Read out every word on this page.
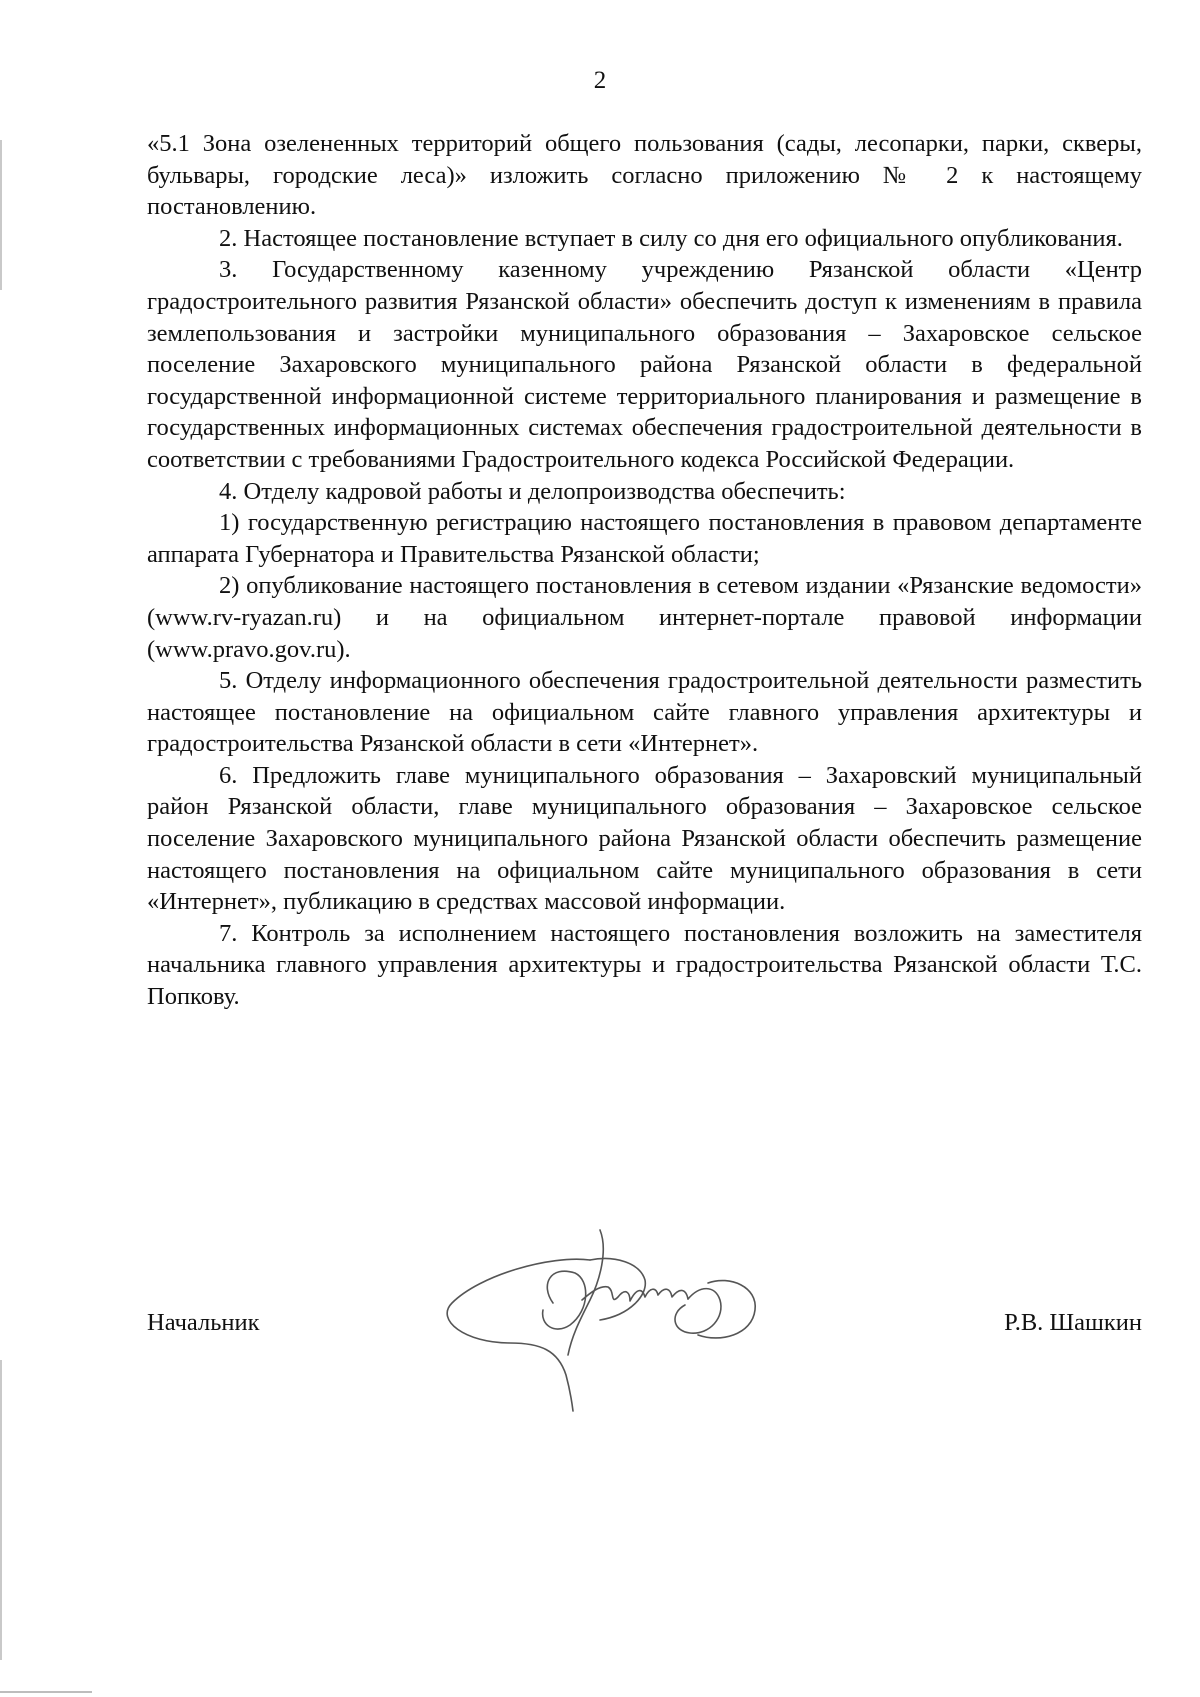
2

«5.1 Зона озелененных территорий общего пользования (сады, лесопарки, парки, скверы, бульвары, городские леса)» изложить согласно приложению № 2 к настоящему постановлению.

2. Настоящее постановление вступает в силу со дня его официального опубликования.

3. Государственному казенному учреждению Рязанской области «Центр градостроительного развития Рязанской области» обеспечить доступ к изменениям в правила землепользования и застройки муниципального образования – Захаровское сельское поселение Захаровского муниципального района Рязанской области в федеральной государственной информационной системе территориального планирования и размещение в государственных информационных системах обеспечения градостроительной деятельности в соответствии с требованиями Градостроительного кодекса Российской Федерации.

4. Отделу кадровой работы и делопроизводства обеспечить:

1) государственную регистрацию настоящего постановления в правовом департаменте аппарата Губернатора и Правительства Рязанской области;

2) опубликование настоящего постановления в сетевом издании «Рязанские ведомости» (www.rv-ryazan.ru) и на официальном интернет-портале правовой информации (www.pravo.gov.ru).

5. Отделу информационного обеспечения градостроительной деятельности разместить настоящее постановление на официальном сайте главного управления архитектуры и градостроительства Рязанской области в сети «Интернет».

6. Предложить главе муниципального образования – Захаровский муниципальный район Рязанской области, главе муниципального образования – Захаровское сельское поселение Захаровского муниципального района Рязанской области обеспечить размещение настоящего постановления на официальном сайте муниципального образования в сети «Интернет», публикацию в средствах массовой информации.

7. Контроль за исполнением настоящего постановления возложить на заместителя начальника главного управления архитектуры и градостроительства Рязанской области Т.С. Попкову.

Начальник	Р.В. Шашкин
